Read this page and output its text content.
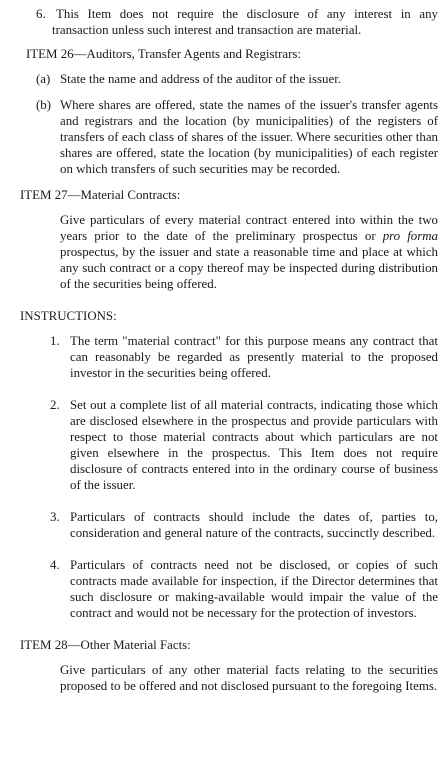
6. This Item does not require the disclosure of any interest in any transaction unless such interest and transaction are material.

ITEM 26—Auditors, Transfer Agents and Registrars:

(a) State the name and address of the auditor of the issuer.

(b) Where shares are offered, state the names of the issuer's transfer agents and registrars and the location (by municipalities) of the registers of transfers of each class of shares of the issuer. Where securities other than shares are offered, state the location (by municipalities) of each register on which transfers of such securities may be recorded.

ITEM 27—Material Contracts:

Give particulars of every material contract entered into within the two years prior to the date of the preliminary prospectus or pro forma prospectus, by the issuer and state a reasonable time and place at which any such contract or a copy thereof may be inspected during distribution of the securities being offered.

INSTRUCTIONS:

1. The term "material contract" for this purpose means any contract that can reasonably be regarded as presently material to the proposed investor in the securities being offered.

2. Set out a complete list of all material contracts, indicating those which are disclosed elsewhere in the prospectus and provide particulars with respect to those material contracts about which particulars are not given elsewhere in the prospectus. This Item does not require disclosure of contracts entered into in the ordinary course of business of the issuer.

3. Particulars of contracts should include the dates of, parties to, consideration and general nature of the contracts, succinctly described.

4. Particulars of contracts need not be disclosed, or copies of such contracts made available for inspection, if the Director determines that such disclosure or making-available would impair the value of the contract and would not be necessary for the protection of investors.

ITEM 28—Other Material Facts:

Give particulars of any other material facts relating to the securities proposed to be offered and not disclosed pursuant to the foregoing Items.
